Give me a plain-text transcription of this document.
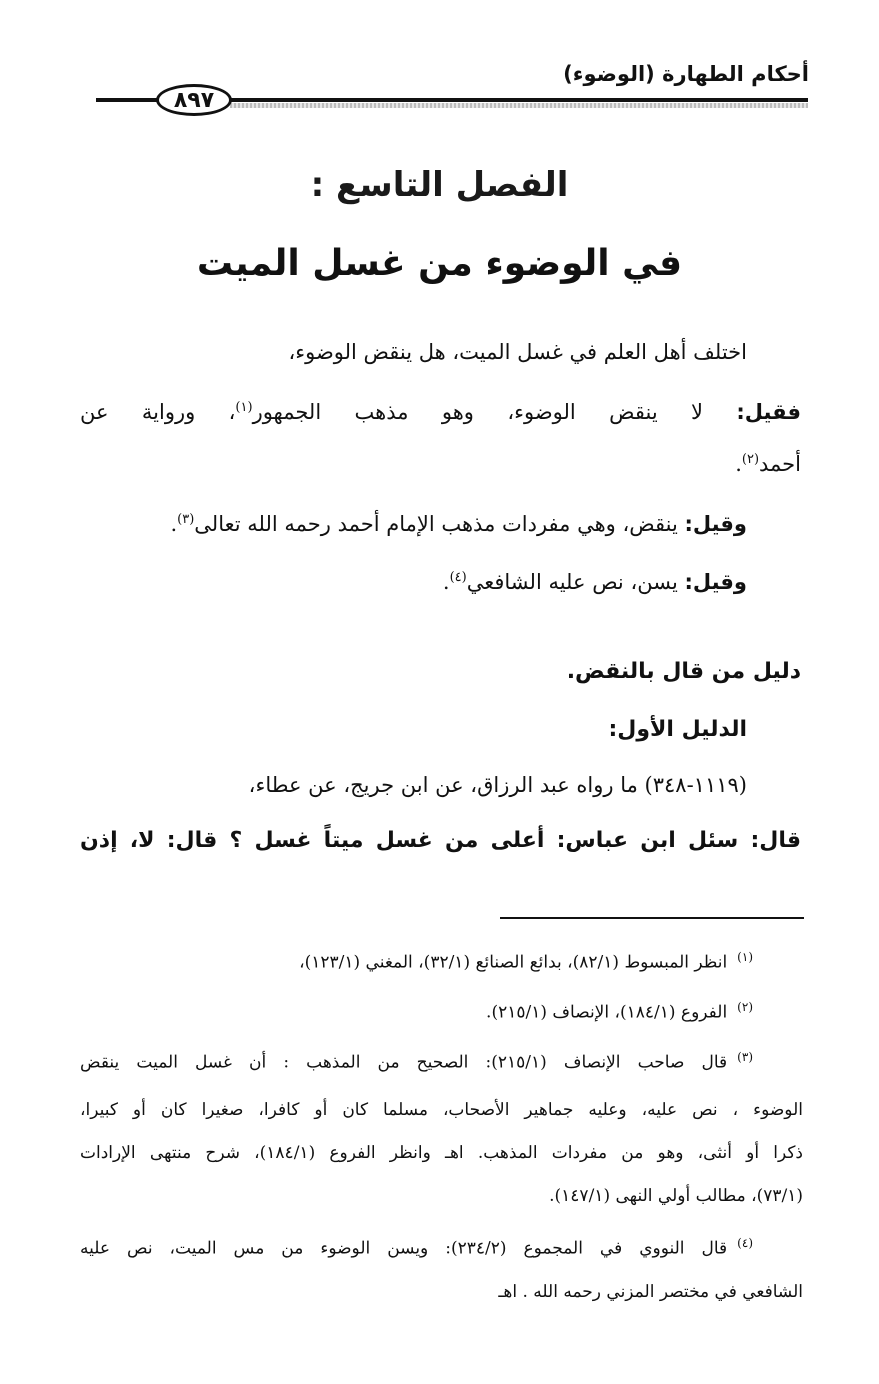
أحكام الطهارة (الوضوء)
٨٩٧
الفصل التاسع :
في الوضوء من غسل الميت
اختلف أهل العلم في غسل الميت، هل ينقض الوضوء،
فقيل: لا ينقض الوضوء، وهو مذهب الجمهور$^{(١)}$، ورواية عن
أحمد$^{(٢)}$.
وقيل: ينقض، وهي مفردات مذهب الإمام أحمد رحمه الله تعالى$^{(٣)}$.
وقيل: يسن، نص عليه الشافعي$^{(٤)}$.
دليل من قال بالنقض.
الدليل الأول:
(١١١٩-٣٤٨) ما رواه عبد الرزاق، عن ابن جريج، عن عطاء،
قال: سئل ابن عباس: أعلى من غسل ميتاً غسل ؟ قال: لا، إذن
$^{(١)}$انظر المبسوط (٨٢/١)، بدائع الصنائع (٣٢/١)، المغني (١٢٣/١)،
$^{(٢)}$الفروع (١٨٤/١)، الإنصاف (٢١٥/١).
$^{(٣)}$قال صاحب الإنصاف (٢١٥/١): الصحيح من المذهب : أن غسل الميت ينقض
الوضوء ، نص عليه، وعليه جماهير الأصحاب، مسلما كان أو كافرا، صغيرا كان أو كبيرا،
ذكرا أو أنثى، وهو من مفردات المذهب. اهـ وانظر الفروع (١٨٤/١)، شرح منتهى الإرادات
(٧٣/١)، مطالب أولي النهى (١٤٧/١).
$^{(٤)}$قال النووي في المجموع (٢٣٤/٢): ويسن الوضوء من مس الميت، نص عليه
الشافعي في مختصر المزني رحمه الله . اهـ
